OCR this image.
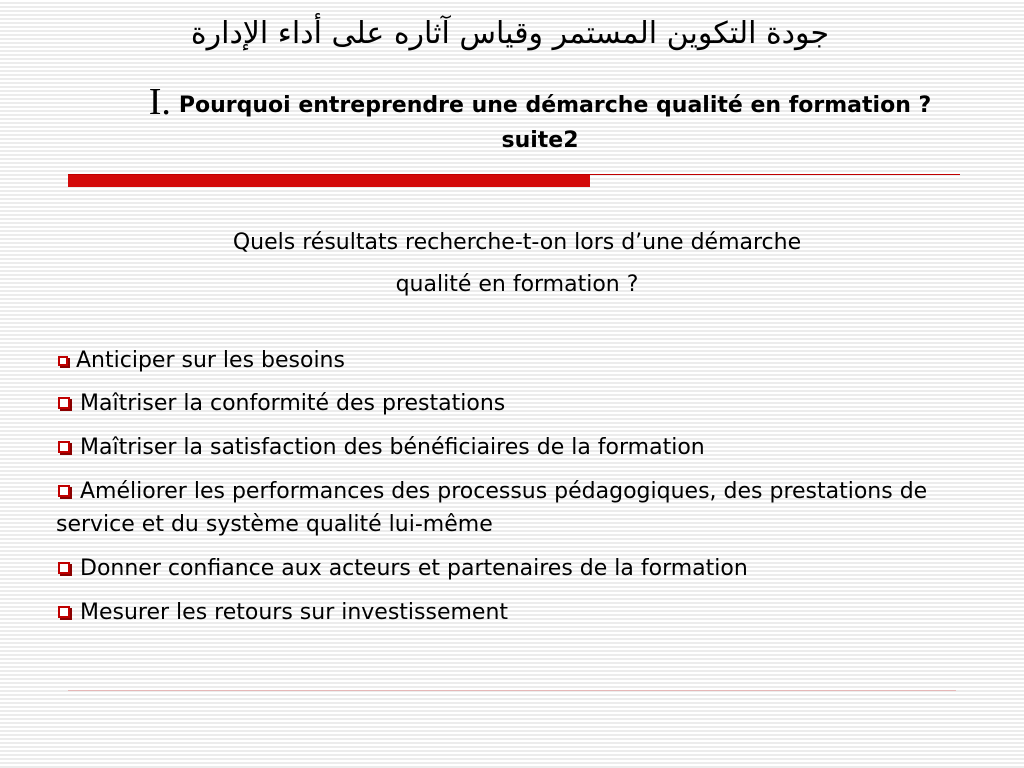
جودة التكوين المستمر وقياس آثاره على أداء الإدارة
I. Pourquoi entreprendre une démarche qualité en formation ? suite2
Quels résultats recherche-t-on lors d’une démarche
qualité en formation ?
Anticiper sur les besoins
Maîtriser la conformité des prestations
Maîtriser la satisfaction des bénéficiaires de la formation
Améliorer les performances des processus pédagogiques, des prestations de service et du système qualité lui-même
Donner confiance aux acteurs et partenaires de la formation
Mesurer les retours sur investissement
